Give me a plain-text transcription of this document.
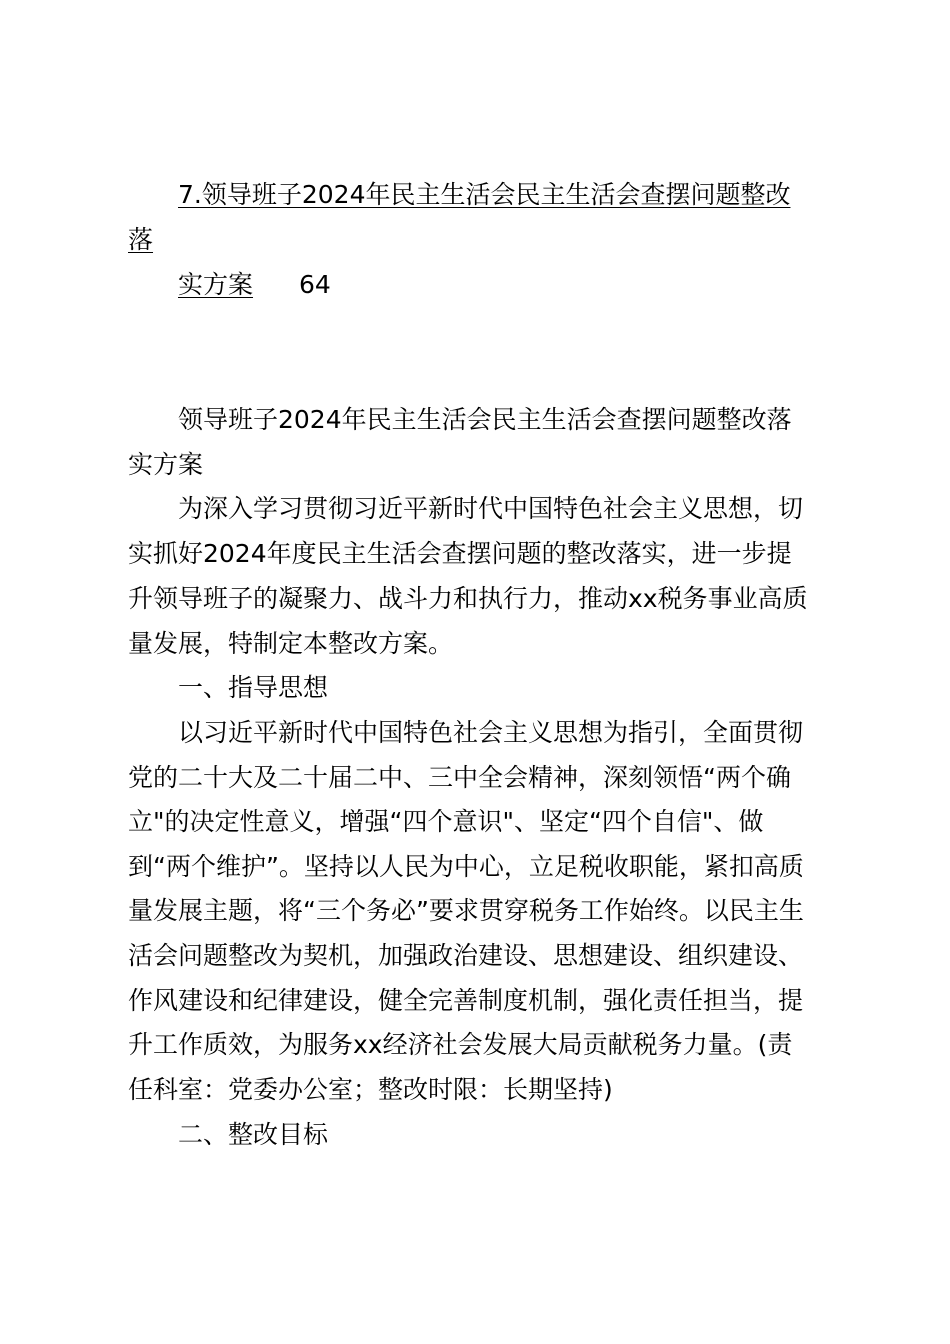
7.领导班子2024年民主生活会民主生活会查摆问题整改
落
实方案 64
领导班子2024年民主生活会民主生活会查摆问题整改落
实方案
为深入学习贯彻习近平新时代中国特色社会主义思想，切
实抓好2024年度民主生活会查摆问题的整改落实，进一步提
升领导班子的凝聚力、战斗力和执行力，推动xx税务事业高质
量发展，特制定本整改方案。
一、指导思想
以习近平新时代中国特色社会主义思想为指引，全面贯彻
党的二十大及二十届二中、三中全会精神，深刻领悟“两个确
立"的决定性意义，增强“四个意识"、坚定“四个自信"、做
到“两个维护”。坚持以人民为中心，立足税收职能，紧扣高质
量发展主题，将“三个务必”要求贯穿税务工作始终。以民主生
活会问题整改为契机，加强政治建设、思想建设、组织建设、
作风建设和纪律建设，健全完善制度机制，强化责任担当，提
升工作质效，为服务xx经济社会发展大局贡献税务力量。(责
任科室：党委办公室；整改时限：长期坚持)
二、整改目标
